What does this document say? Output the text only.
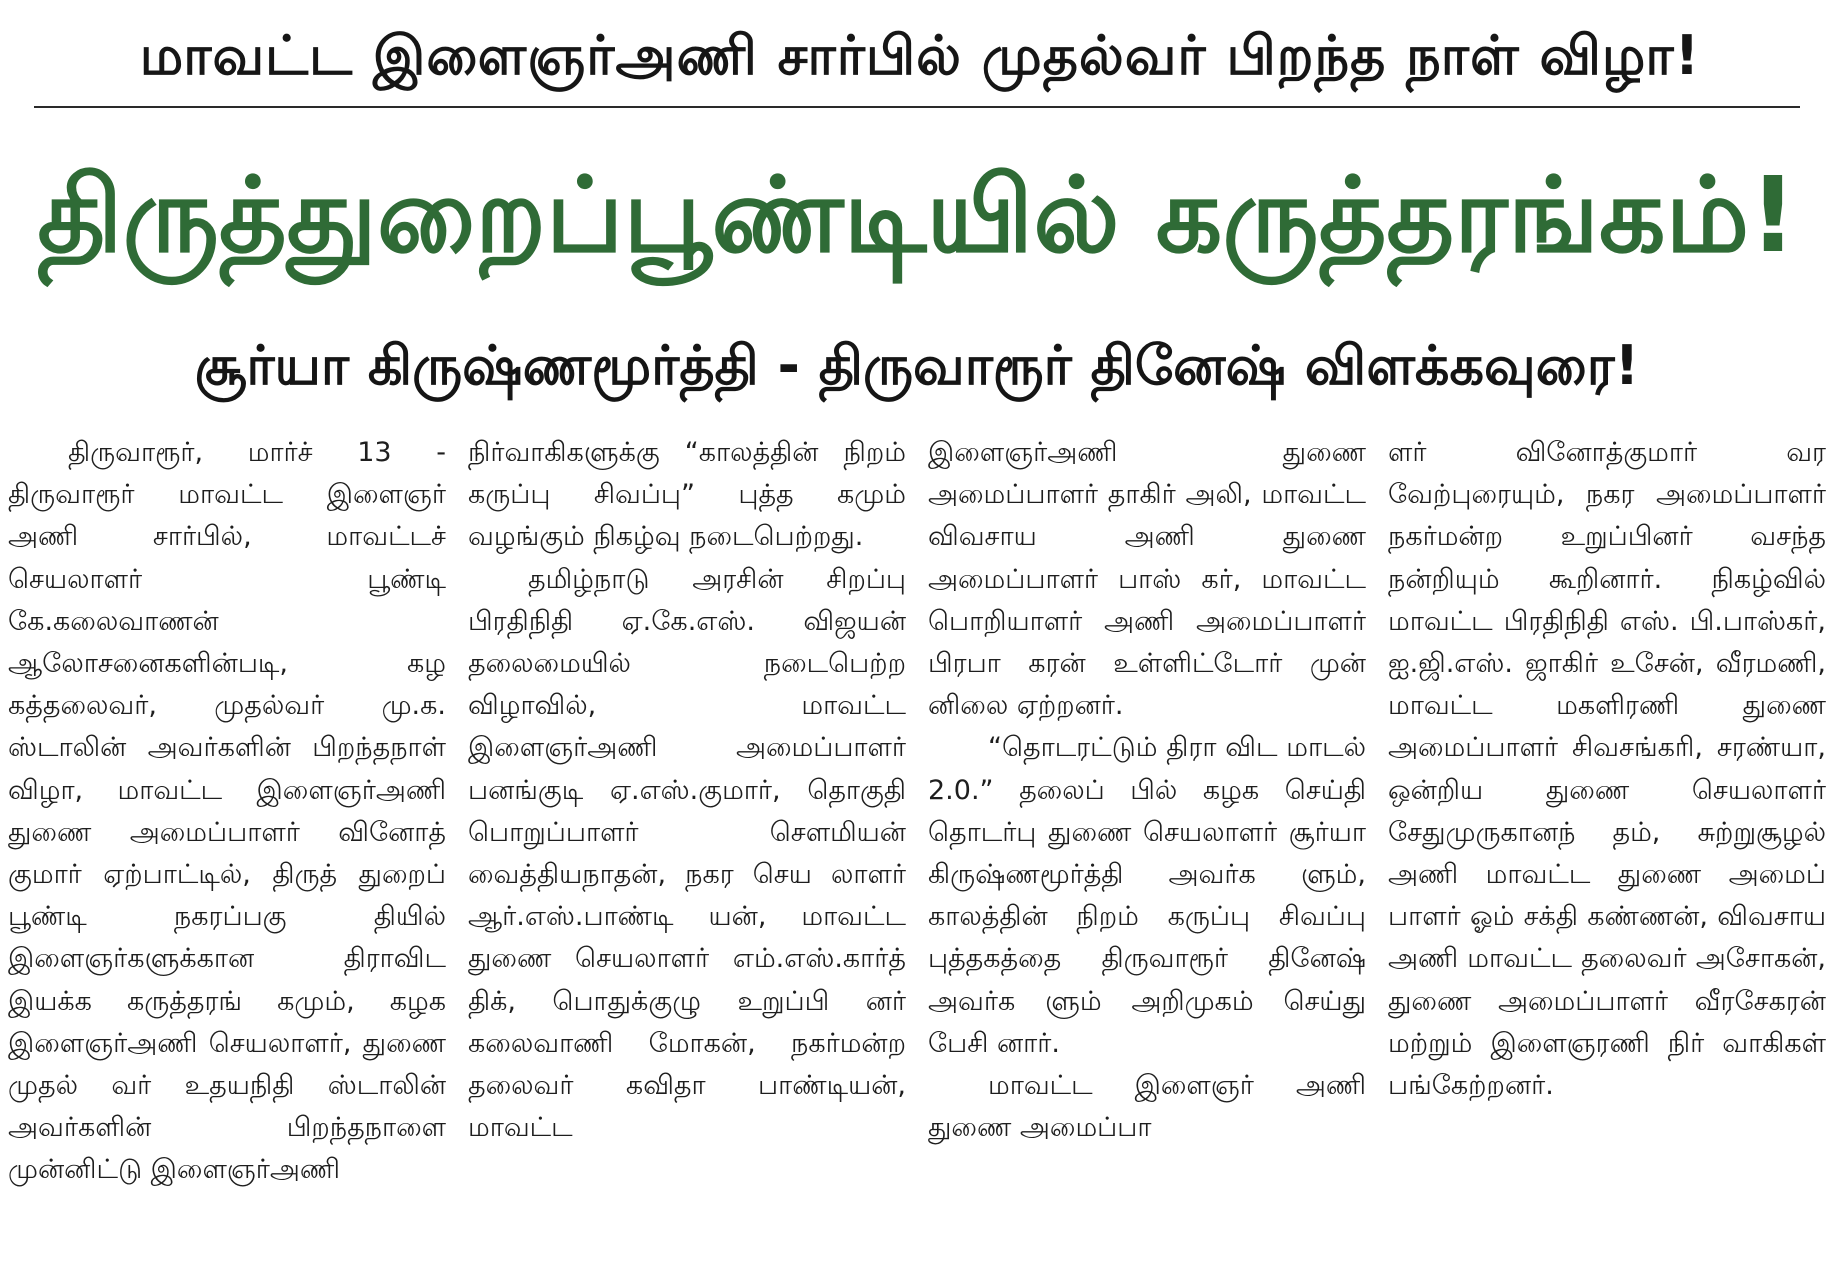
மாவட்ட இளைஞர்அணி சார்பில் முதல்வர் பிறந்த நாள் விழா!
திருத்துறைப்பூண்டியில் கருத்தரங்கம்!
சூர்யா கிருஷ்ணமூர்த்தி - திருவாரூர் தினேஷ் விளக்கவுரை!

திருவாரூர், மார்ச் 13 - திருவாரூர் மாவட்ட இளைஞர் அணி சார்பில், மாவட்டச் செயலாளர் பூண்டி கே.கலைவாணன் ஆலோசனைகளின்படி, கழ கத்தலைவர், முதல்வர் மு.க. ஸ்டாலின் அவர்களின் பிறந்தநாள் விழா, மாவட்ட இளைஞர்அணி துணை அமைப்பாளர் வினோத் குமார் ஏற்பாட்டில், திருத் துறைப் பூண்டி நகரப்பகு தியில் இளைஞர்களுக்கான திராவிட இயக்க கருத்தரங் கமும், கழக இளைஞர்அணி செயலாளர், துணை முதல் வர் உதயநிதி ஸ்டாலின் அவர்களின் பிறந்தநாளை முன்னிட்டு இளைஞர்அணி

நிர்வாகிகளுக்கு “காலத்தின் நிறம் கருப்பு சிவப்பு” புத்த கமும் வழங்கும் நிகழ்வு நடைபெற்றது.

தமிழ்நாடு அரசின் சிறப்பு பிரதிநிதி ஏ.கே.எஸ். விஜயன் தலைமையில் நடைபெற்ற விழாவில், மாவட்ட இளைஞர்அணி அமைப்பாளர் பனங்குடி ஏ.எஸ்.குமார், தொகுதி பொறுப்பாளர் சௌமியன் வைத்தியநாதன், நகர செய லாளர் ஆர்.எஸ்.பாண்டி யன், மாவட்ட துணை செயலாளர் எம்.எஸ்.கார்த் திக், பொதுக்குழு உறுப்பி னர் கலைவாணி மோகன், நகர்மன்ற தலைவர் கவிதா பாண்டியன், மாவட்ட

இளைஞர்அணி துணை அமைப்பாளர் தாகிர் அலி, மாவட்ட விவசாய அணி துணை அமைப்பாளர் பாஸ் கர், மாவட்ட பொறியாளர் அணி அமைப்பாளர் பிரபா கரன் உள்ளிட்டோர் முன் னிலை ஏற்றனர்.

“தொடரட்டும் திரா விட மாடல் 2.0.” தலைப் பில் கழக செய்தி தொடர்பு துணை செயலாளர் சூர்யா கிருஷ்ணமூர்த்தி அவர்க ளும், காலத்தின் நிறம் கருப்பு சிவப்பு புத்தகத்தை திருவாரூர் தினேஷ் அவர்க ளும் அறிமுகம் செய்து பேசி னார்.

மாவட்ட இளைஞர் அணி துணை அமைப்பா

ளர் வினோத்குமார் வர வேற்புரையும், நகர அமைப்பாளர் நகர்மன்ற உறுப்பினர் வசந்த நன்றியும் கூறினார். நிகழ்வில் மாவட்ட பிரதிநிதி எஸ். பி.பாஸ்கர், ஐ.ஜி.எஸ். ஜாகிர் உசேன், வீரமணி, மாவட்ட மகளிரணி துணை அமைப்பாளர் சிவசங்கரி, சரண்யா, ஒன்றிய துணை செயலாளர் சேதுமுருகானந் தம், சுற்றுசூழல் அணி மாவட்ட துணை அமைப் பாளர் ஓம் சக்தி கண்ணன், விவசாய அணி மாவட்ட தலைவர் அசோகன், துணை அமைப்பாளர் வீரசேகரன் மற்றும் இளைஞரணி நிர் வாகிகள் பங்கேற்றனர்.
